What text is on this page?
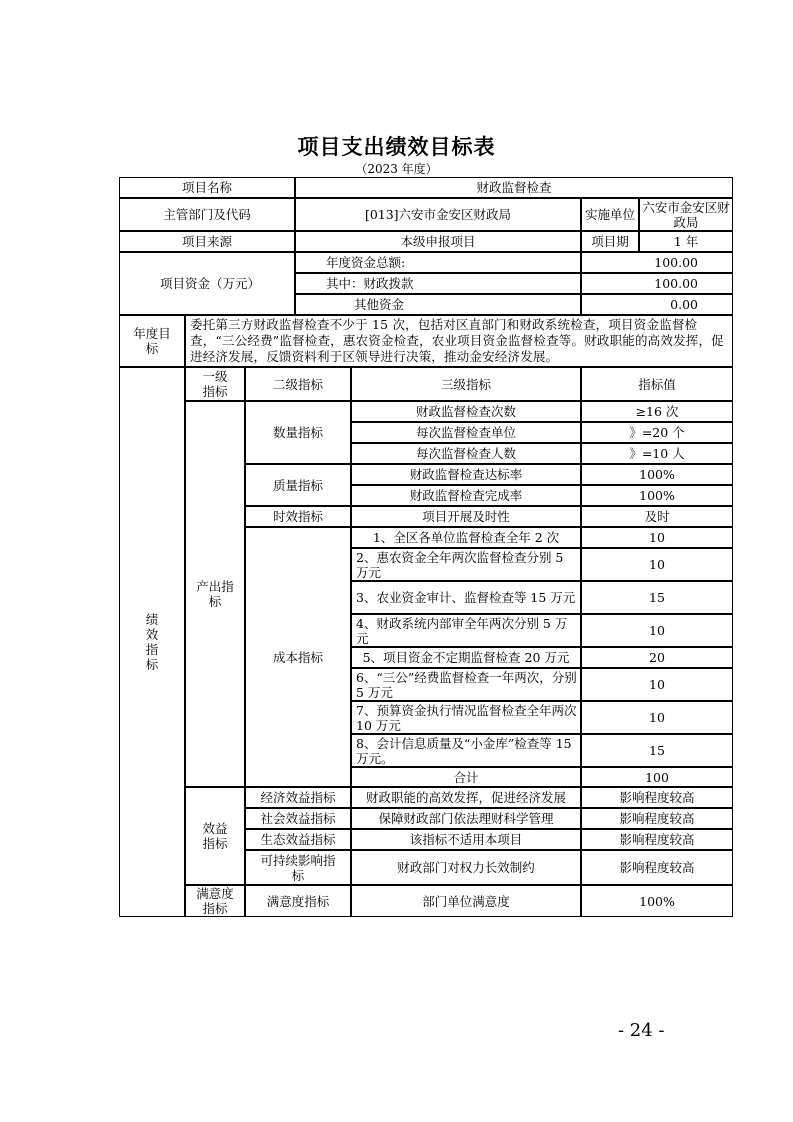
项目支出绩效目标表
（2023 年度）
项目名称	财政监督检查
主管部门及代码	[013]六安市金安区财政局	实施单位 六安市金安区财政局
项目来源	本级申报项目	项目期	1 年
项目资金（万元）
年度资金总额:	100.00
其中：财政拨款	100.00
其他资金	0.00
年度目标
委托第三方财政监督检查不少于 15 次，包括对区直部门和财政系统检查，项目资金监督检查，“三公经费”监督检查，惠农资金检查，农业项目资金监督检查等。财政职能的高效发挥，促进经济发展，反馈资料利于区领导进行决策，推动金安经济发展。
绩效指标
一级指标	二级指标	三级指标	指标值
产出指标
数量指标
财政监督检查次数	≥16 次
每次监督检查单位	》=20 个
每次监督检查人数	》=10 人
质量指标
财政监督检查达标率	100%
财政监督检查完成率	100%
时效指标	项目开展及时性	及时
成本指标
1、全区各单位监督检查全年 2 次	10
2、惠农资金全年两次监督检查分别 5 万元	10
3、农业资金审计、监督检查等 15 万元	15
4、财政系统内部审全年两次分别 5 万元	10
5、项目资金不定期监督检查 20 万元	20
6、“三公”经费监督检查一年两次，分别 5 万元	10
7、预算资金执行情况监督检查全年两次 10 万元	10
8、会计信息质量及“小金库”检查等 15 万元。	15
合计	100
效益指标
经济效益指标	财政职能的高效发挥，促进经济发展	影响程度较高
社会效益指标	保障财政部门依法理财科学管理	影响程度较高
生态效益指标	该指标不适用本项目	影响程度较高
可持续影响指标	财政部门对权力长效制约	影响程度较高
满意度指标	满意度指标	部门单位满意度	100%
- 24 -
